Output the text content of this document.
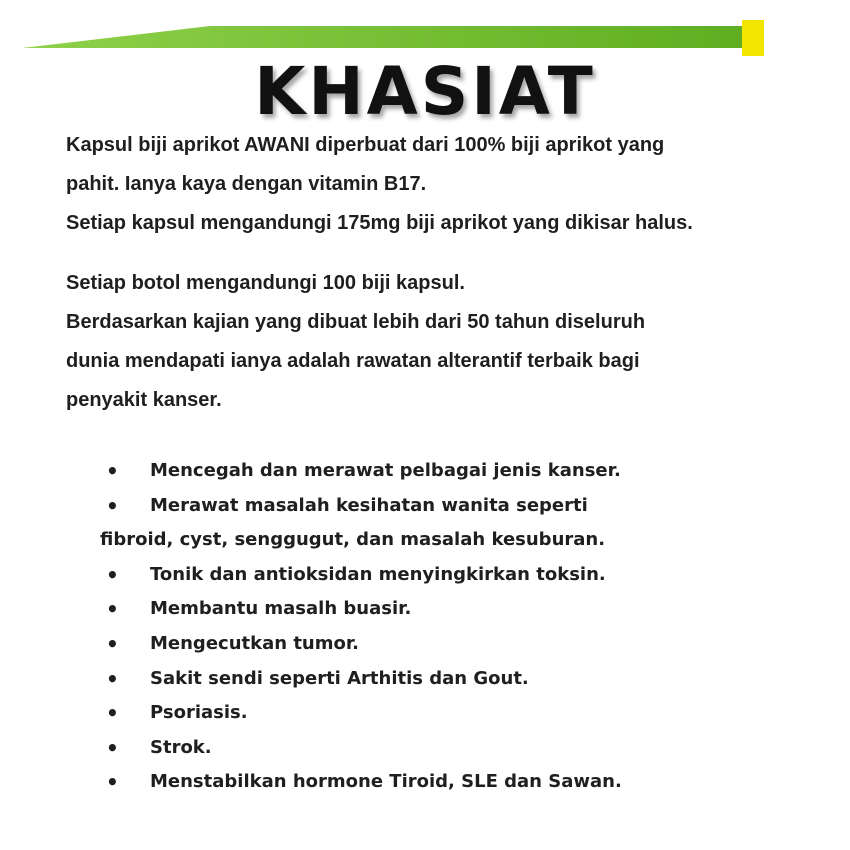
KHASIAT
Kapsul biji aprikot AWANI diperbuat dari 100% biji aprikot yang
pahit. Ianya kaya dengan vitamin B17.
Setiap kapsul mengandungi 175mg biji aprikot yang dikisar halus.
Setiap botol mengandungi 100 biji kapsul.
Berdasarkan kajian yang dibuat lebih dari 50 tahun diseluruh
dunia mendapati ianya adalah rawatan alterantif terbaik bagi
penyakit kanser.
• Mencegah dan merawat pelbagai jenis kanser.
• Merawat masalah kesihatan wanita seperti
fibroid, cyst, senggugut, dan masalah kesuburan.
• Tonik dan antioksidan menyingkirkan toksin.
• Membantu masalh buasir.
• Mengecutkan tumor.
• Sakit sendi seperti Arthitis dan Gout.
• Psoriasis.
• Strok.
• Menstabilkan hormone Tiroid, SLE dan Sawan.
